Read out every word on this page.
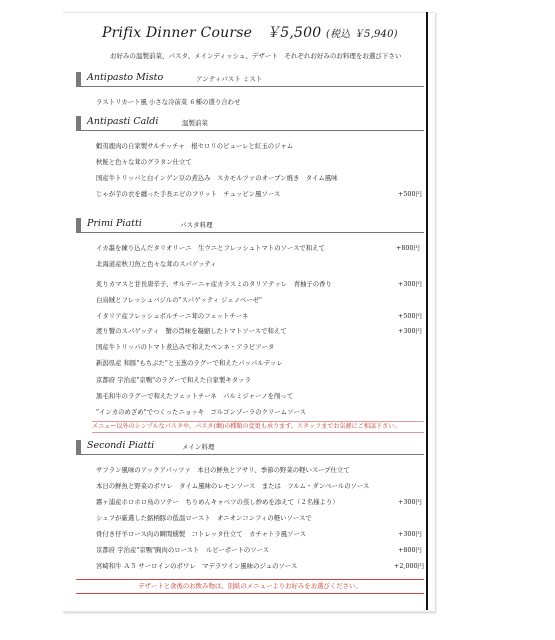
Prifix Dinner Course ￥5,500 (税込 ￥5,940)
お好みの温製前菜、パスタ、メインディッシュ、デザート　それぞれお好みのお料理をお選び下さい
Antipasto Misto	アンティパスト ミスト
ラストリカート風 小さな冷前菜 ６種の盛り合わせ
Antipasti Caldi	温製前菜
蝦夷鹿肉の自家製サルチッチャ　根セロリのピューレと紅玉のジャム
秋鮭と色々な茸のグラタン仕立て
国産牛トリッパと白インゲン豆の煮込み　スカモルツァのオーブン焼き　タイム風味
じゃが芋の衣を纏った手長エビのフリット　チュッピン風ソース	+500円
Primi Piatti	パスタ料理
イカ墨を練り込んだタリオリーニ　生ウニとフレッシュトマトのソースで和えて	+800円
北海道産秋刀魚と色々な茸のスパゲッティ
炙りカマスと甘長唐辛子、サルデーニャ産カラスミのタリアテッレ　青柚子の香り	+300円
白烏賊とフレッシュバジルの"スパゲッティ ジェノベーゼ"
イタリア産フレッシュポルチーニ茸のフェットチーネ	+500円
渡り蟹のスパゲッティ　蟹の旨味を凝縮したトマトソースで和えて	+300円
国産牛トリッパのトマト煮込みで和えたペンネ・アラビアータ
新潟県産 和豚"もちぶた"と玉葱のラグーで和えたパッパルデッレ
京都府 宇治産"京鴨"のラグーで和えた自家製キタッラ
黒毛和牛のラグーで和えたフェットチーネ　パルミジャーノを削って
"インカのめざめ"でつくったニョッキ　ゴルゴンゾーラのクリームソース
メニュー以外のシンプルなパスタや、パスタ(麺)の種類の変更も承ります。スタッフまでお気軽にご相談下さい。
Secondi Piatti	メイン料理
サフラン風味のアックアパッツァ　本日の鮮魚とアサリ、季節の野菜の軽いスープ仕立て
本日の鮮魚と野菜のポワレ　タイム風味のレモンソース　または　フルム・ダンベールのソース
霧ヶ浦産ホロホロ鳥のソテー　ちりめんキャベツの蒸し炒めを添えて（２名様より）	+300円
シェフが厳選した銘柄豚の低温ロースト　オニオンコンフィの軽いソースで
骨付き仔羊ロース肉の瞬間燻製　コトレッタ仕立て　カチャトラ風ソース	+300円
京都府 宇治産"京鴨"胸肉のロースト　ルビーポートのソース	+800円
宮崎和牛 Ａ５ サーロインのポワレ　マデラワイン風味のジュのソース	+2,000円
デザートと食後のお飲み物は、別紙のメニューよりお好みをお選びください。
